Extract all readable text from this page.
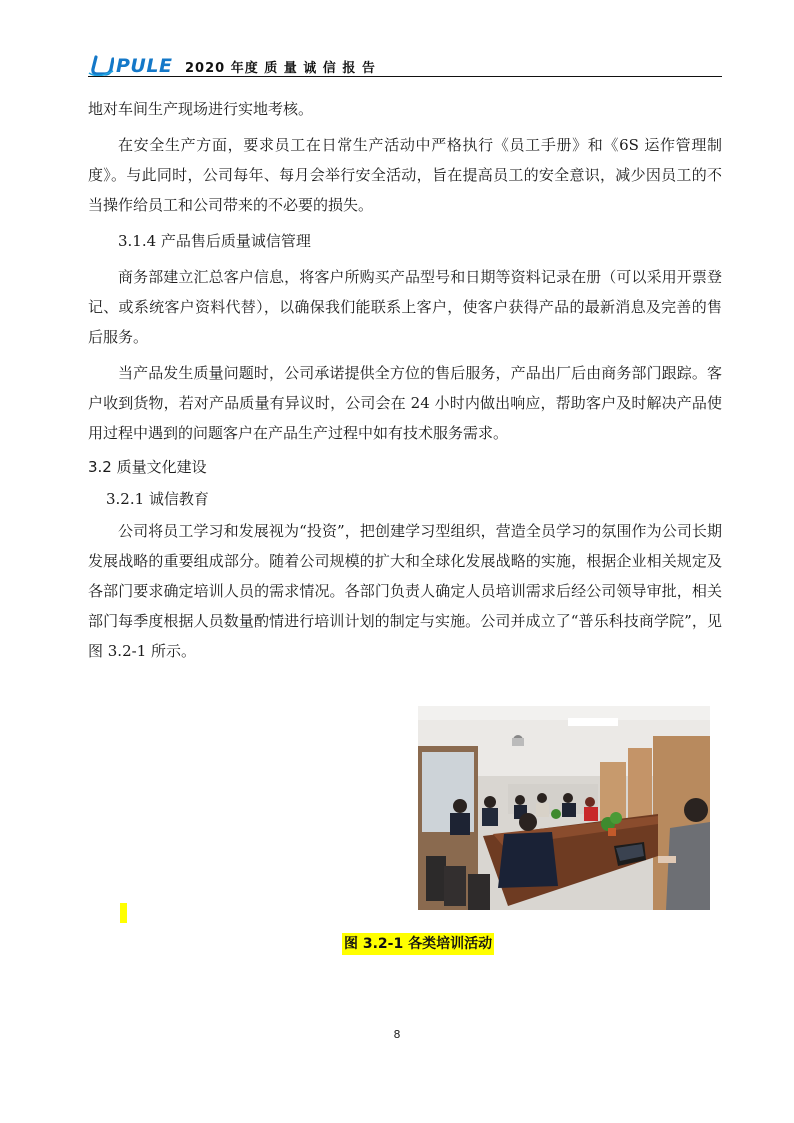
PULE 2020 年度 质 量 诚 信 报 告

地对车间生产现场进行实地考核。

在安全生产方面，要求员工在日常生产活动中严格执行《员工手册》和《6S 运作管理制度》。与此同时，公司每年、每月会举行安全活动，旨在提高员工的安全意识，减少因员工的不当操作给员工和公司带来的不必要的损失。

3.1.4 产品售后质量诚信管理

商务部建立汇总客户信息，将客户所购买产品型号和日期等资料记录在册（可以采用开票登记、或系统客户资料代替），以确保我们能联系上客户，使客户获得产品的最新消息及完善的售后服务。

当产品发生质量问题时，公司承诺提供全方位的售后服务，产品出厂后由商务部门跟踪。客户收到货物，若对产品质量有异议时，公司会在 24 小时内做出响应，帮助客户及时解决产品使用过程中遇到的问题客户在产品生产过程中如有技术服务需求。

3.2 质量文化建设

3.2.1 诚信教育

公司将员工学习和发展视为“投资”，把创建学习型组织，营造全员学习的氛围作为公司长期发展战略的重要组成部分。随着公司规模的扩大和全球化发展战略的实施，根据企业相关规定及各部门要求确定培训人员的需求情况。各部门负责人确定人员培训需求后经公司领导审批，相关部门每季度根据人员数量酌情进行培训计划的制定与实施。公司并成立了“普乐科技商学院”，见图 3.2-1 所示。

图 3.2-1 各类培训活动
8
